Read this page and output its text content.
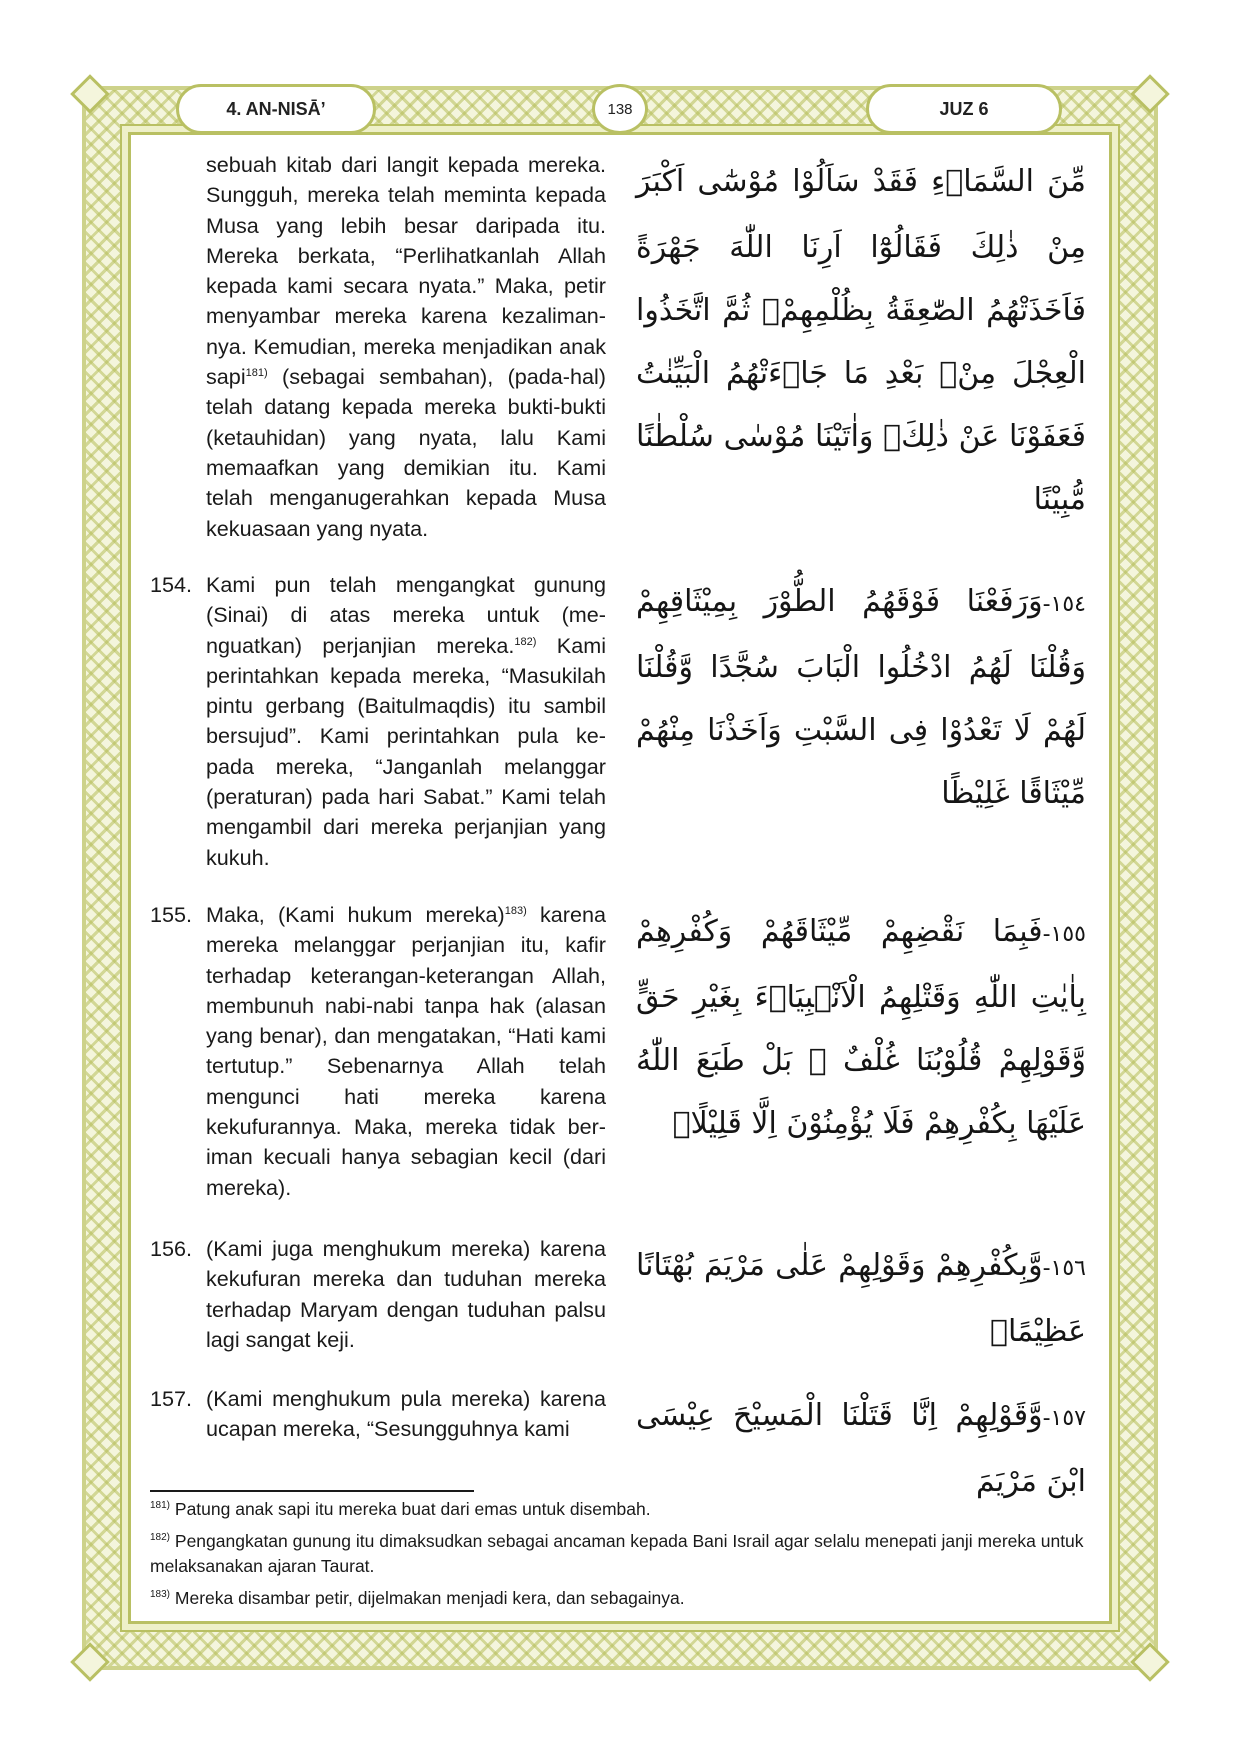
4. AN-NISĀ’	138	JUZ 6
sebuah kitab dari langit kepada mereka. Sungguh, mereka telah meminta kepada Musa yang lebih besar daripada itu. Mereka berkata, “Perlihatkanlah Allah kepada kami secara nyata.” Maka, petir menyambar mereka karena kezaliman-nya. Kemudian, mereka menjadikan anak sapi$^{181)}$ (sebagai sembahan), (pada-hal) telah datang kepada mereka bukti-bukti (ketauhidan) yang nyata, lalu Kami memaafkan yang demikian itu. Kami telah menganugerahkan kepada Musa kekuasaan yang nyata.
مِّنَ السَّمَاۤءِ فَقَدْ سَاَلُوْا مُوْسٰٓى اَكْبَرَ مِنْ ذٰلِكَ فَقَالُوْٓا اَرِنَا اللّٰهَ جَهْرَةً فَاَخَذَتْهُمُ الصّٰعِقَةُ بِظُلْمِهِمْۚ ثُمَّ اتَّخَذُوا الْعِجْلَ مِنْۢ بَعْدِ مَا جَاۤءَتْهُمُ الْبَيِّنٰتُ فَعَفَوْنَا عَنْ ذٰلِكَۚ وَاٰتَيْنَا مُوْسٰى سُلْطٰنًا مُّبِيْنًا
154. Kami pun telah mengangkat gunung (Sinai) di atas mereka untuk (me-nguatkan) perjanjian mereka.$^{182)}$ Kami perintahkan kepada mereka, “Masukilah pintu gerbang (Baitulmaqdis) itu sambil bersujud”. Kami perintahkan pula ke-pada mereka, “Janganlah melanggar (peraturan) pada hari Sabat.” Kami telah mengambil dari mereka perjanjian yang kukuh.
١٥٤-وَرَفَعْنَا فَوْقَهُمُ الطُّوْرَ بِمِيْثَاقِهِمْ وَقُلْنَا لَهُمُ ادْخُلُوا الْبَابَ سُجَّدًا وَّقُلْنَا لَهُمْ لَا تَعْدُوْا فِى السَّبْتِ وَاَخَذْنَا مِنْهُمْ مِّيْثَاقًا غَلِيْظًا
155. Maka, (Kami hukum mereka)$^{183)}$ karena mereka melanggar perjanjian itu, kafir terhadap keterangan-keterangan Allah, membunuh nabi-nabi tanpa hak (alasan yang benar), dan mengatakan, “Hati kami tertutup.” Sebenarnya Allah telah mengunci hati mereka karena kekufurannya. Maka, mereka tidak ber-iman kecuali hanya sebagian kecil (dari mereka).
١٥٥-فَبِمَا نَقْضِهِمْ مِّيْثَاقَهُمْ وَكُفْرِهِمْ بِاٰيٰتِ اللّٰهِ وَقَتْلِهِمُ الْاَنْۢبِيَاۤءَ بِغَيْرِ حَقٍّ وَّقَوْلِهِمْ قُلُوْبُنَا غُلْفٌ ۗ بَلْ طَبَعَ اللّٰهُ عَلَيْهَا بِكُفْرِهِمْ فَلَا يُؤْمِنُوْنَ اِلَّا قَلِيْلًاۖ
156. (Kami juga menghukum mereka) karena kekufuran mereka dan tuduhan mereka terhadap Maryam dengan tuduhan palsu lagi sangat keji.
١٥٦-وَّبِكُفْرِهِمْ وَقَوْلِهِمْ عَلٰى مَرْيَمَ بُهْتَانًا عَظِيْمًاۙ
157. (Kami menghukum pula mereka) karena ucapan mereka, “Sesungguhnya kami	١٥٧-وَّقَوْلِهِمْ اِنَّا قَتَلْنَا الْمَسِيْحَ عِيْسَى ابْنَ مَرْيَمَ

$^{181)}$ Patung anak sapi itu mereka buat dari emas untuk disembah.

$^{182)}$ Pengangkatan gunung itu dimaksudkan sebagai ancaman kepada Bani Israil agar selalu menepati janji mereka untuk melaksanakan ajaran Taurat.

$^{183)}$ Mereka disambar petir, dijelmakan menjadi kera, dan sebagainya.
